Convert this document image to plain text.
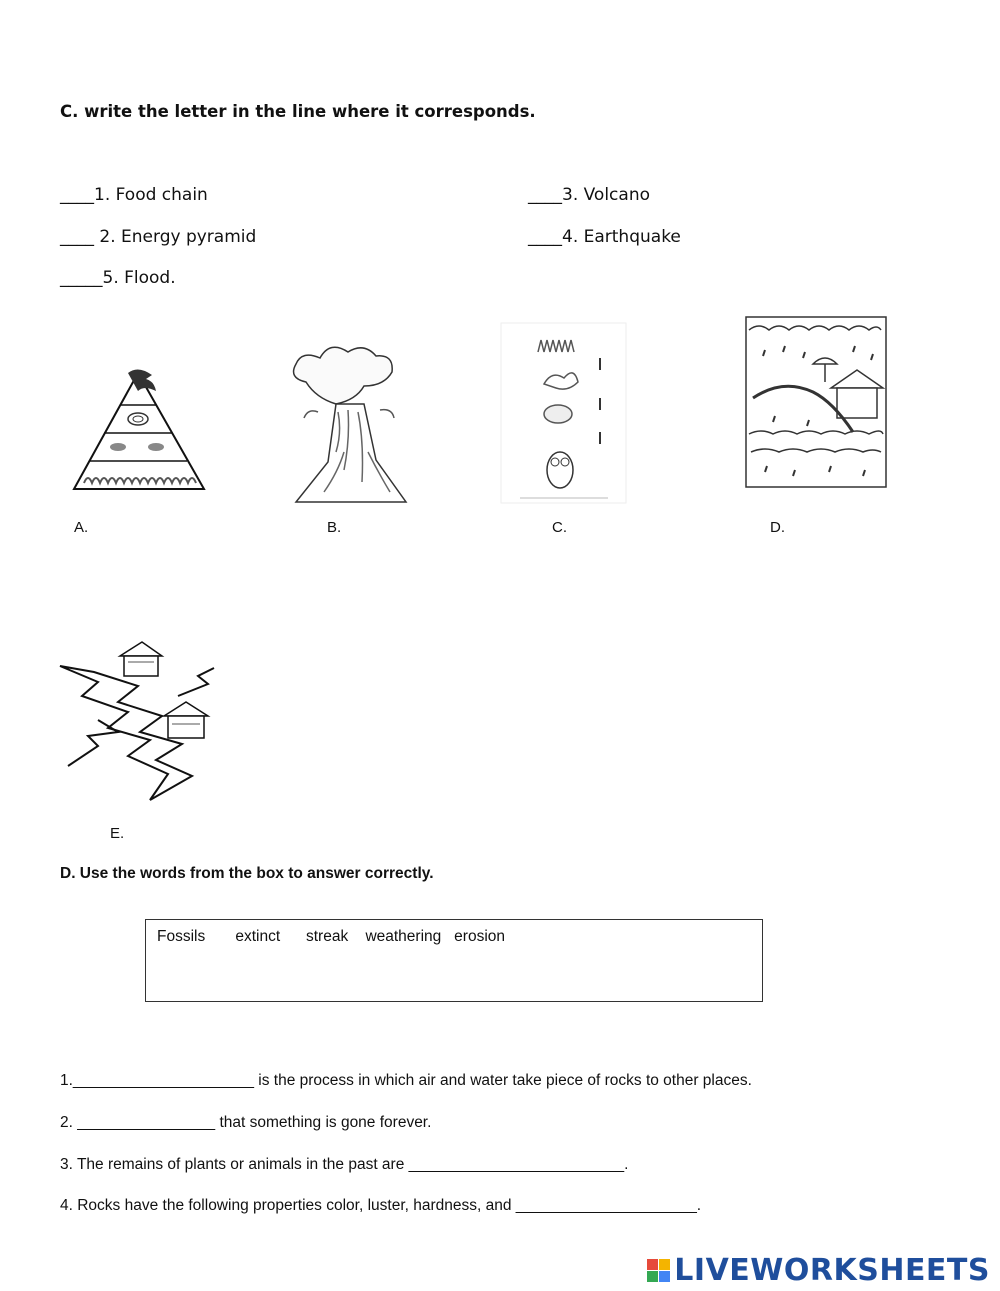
C. write the letter in the line where it corresponds.
____1. Food chain
____ 2. Energy pyramid
_____5. Flood.
____3. Volcano
____4. Earthquake
A.	B.	C.	D.
E.
D. Use the words from the box to answer correctly.
Fossils       extinct      streak    weathering   erosion
1._____________________ is the process in which air and water take piece of rocks to other places.
2. ________________ that something is gone forever.
3. The remains of plants or animals in the past are _________________________.
4. Rocks have the following properties color, luster, hardness, and _____________________.
LIVEWORKSHEETS
